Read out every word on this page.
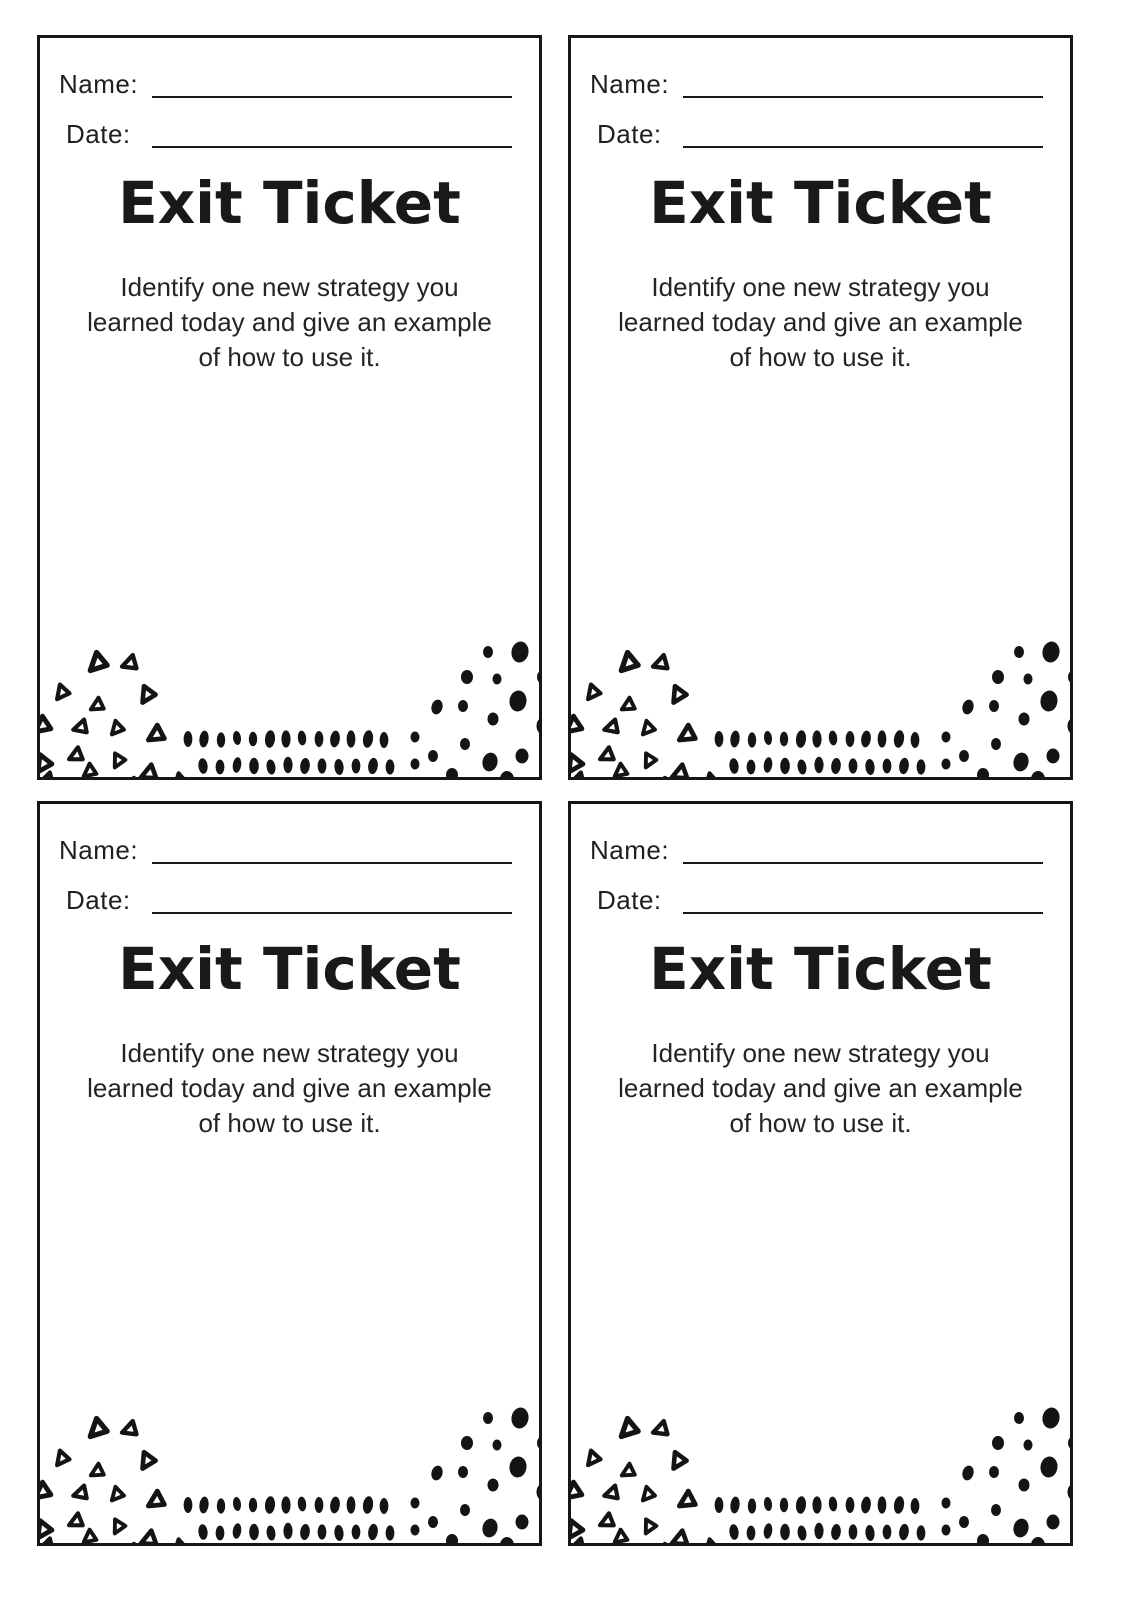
Name:
Date:
Exit Ticket

Identify one new strategy you
learned today and give an example
of how to use it.

Name:
Date:
Exit Ticket

Identify one new strategy you
learned today and give an example
of how to use it.

Name:
Date:
Exit Ticket

Identify one new strategy you
learned today and give an example
of how to use it.

Name:
Date:
Exit Ticket

Identify one new strategy you
learned today and give an example
of how to use it.
